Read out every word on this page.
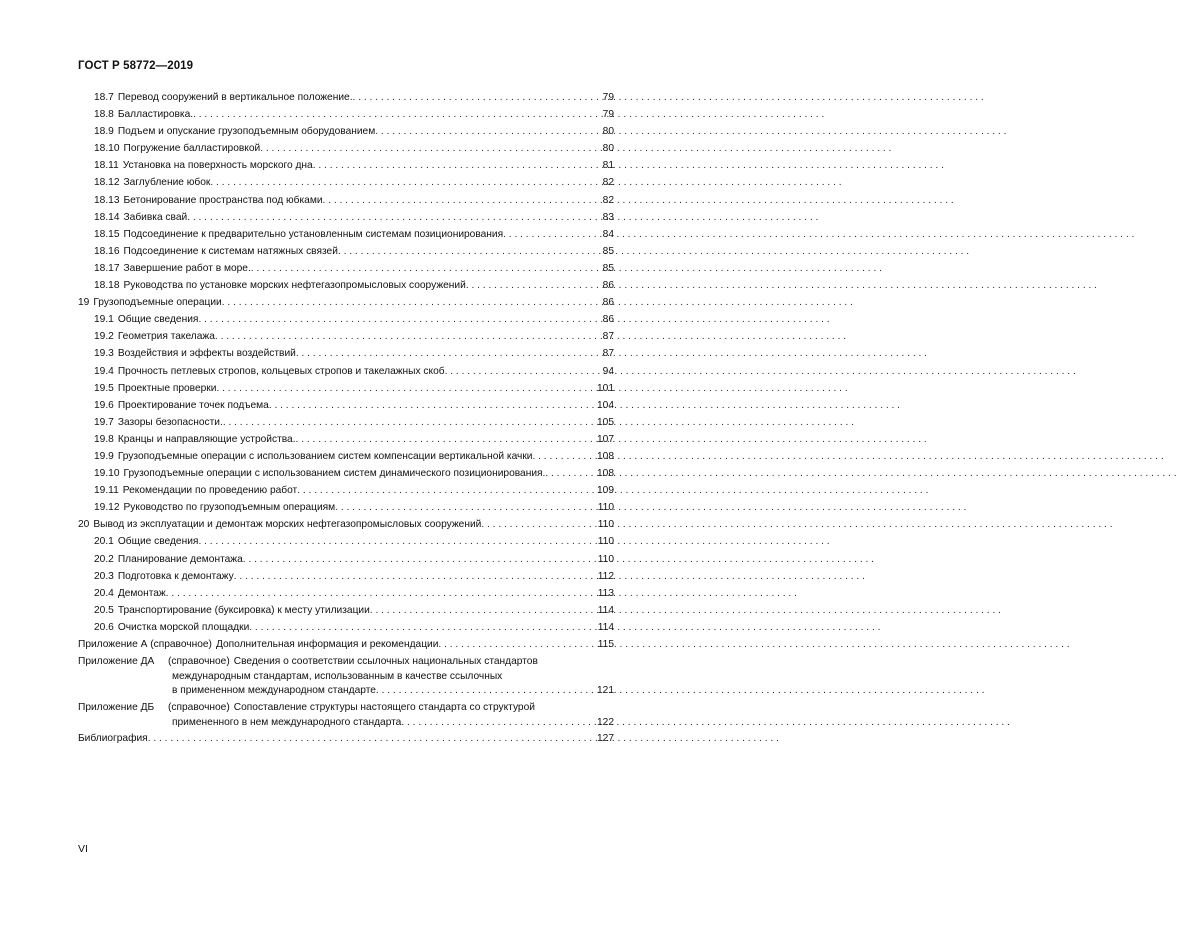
ГОСТ Р 58772—2019
18.7 Перевод сооружений в вертикальное положение. . . .	79
18.8 Балластировка. . . .	79
18.9 Подъем и опускание грузоподъемным оборудованием . . .	80
18.10 Погружение балластировкой . . .	80
18.11 Установка на поверхность морского дна . . .	81
18.12 Заглубление юбок . . .	82
18.13 Бетонирование пространства под юбками . . .	82
18.14 Забивка свай . . .	83
18.15 Подсоединение к предварительно установленным системам позиционирования . . .	84
18.16 Подсоединение к системам натяжных связей . . .	85
18.17 Завершение работ в море. . . .	85
18.18 Руководства по установке морских нефтегазопромысловых сооружений . . .	86
19 Грузоподъемные операции . . .	86
19.1 Общие сведения . . .	86
19.2 Геометрия такелажа . . .	87
19.3 Воздействия и эффекты воздействий . . .	87
19.4 Прочность петлевых стропов, кольцевых стропов и такелажных скоб . . .	94
19.5 Проектные проверки . . .	101
19.6 Проектирование точек подъема . . .	104
19.7 Зазоры безопасности. . . .	105
19.8 Кранцы и направляющие устройства. . . .	107
19.9 Грузоподъемные операции с использованием систем компенсации вертикальной качки . . .	108
19.10 Грузоподъемные операции с использованием систем динамического позиционирования. . . .	108
19.11 Рекомендации по проведению работ . . .	109
19.12 Руководство по грузоподъемным операциям . . .	110
20 Вывод из эксплуатации и демонтаж морских нефтегазопромысловых сооружений . . .	110
20.1 Общие сведения . . .	110
20.2 Планирование демонтажа . . .	110
20.3 Подготовка к демонтажу . . .	112
20.4 Демонтаж . . .	113
20.5 Транспортирование (буксировка) к месту утилизации . . .	114
20.6 Очистка морской площадки . . .	114
Приложение А (справочное) Дополнительная информация и рекомендации . . .	115
Приложение ДА	(справочное) Сведения о соответствии ссылочных национальных стандартов
международным стандартам, использованным в качестве ссылочных
в примененном международном стандарте . . .	121
Приложение ДБ	(справочное) Сопоставление структуры настоящего стандарта со структурой
примененного в нем международного стандарта . . .	122
Библиография . . .	127
VI
